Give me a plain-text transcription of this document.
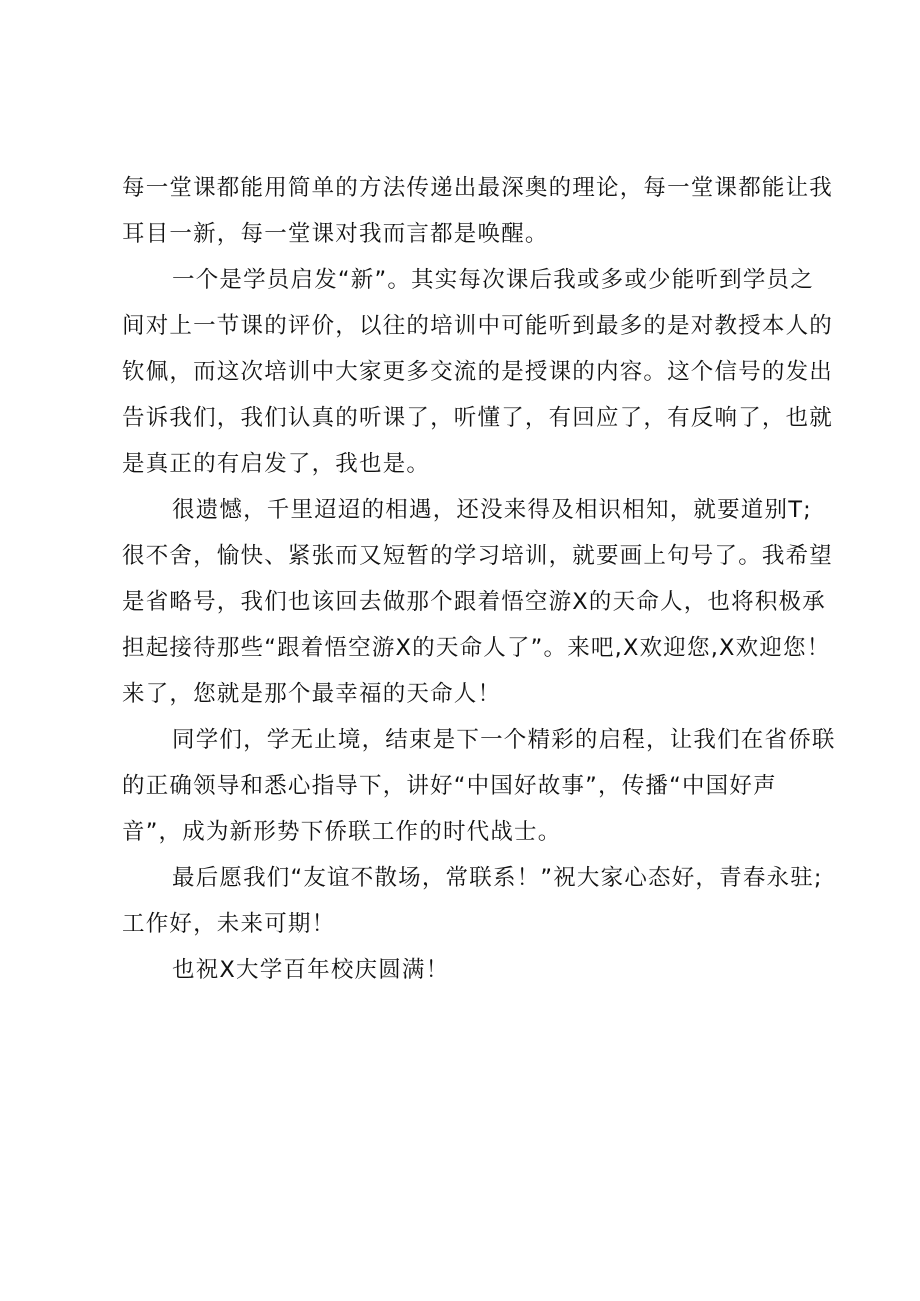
每一堂课都能用简单的方法传递出最深奥的理论，每一堂课都能让我
耳目一新，每一堂课对我而言都是唤醒。
一个是学员启发“新”。其实每次课后我或多或少能听到学员之
间对上一节课的评价，以往的培训中可能听到最多的是对教授本人的
钦佩，而这次培训中大家更多交流的是授课的内容。这个信号的发出
告诉我们，我们认真的听课了，听懂了，有回应了，有反响了，也就
是真正的有启发了，我也是。
很遗憾，千里迢迢的相遇，还没来得及相识相知，就要道别T;
很不舍，愉快、紧张而又短暂的学习培训，就要画上句号了。我希望
是省略号，我们也该回去做那个跟着悟空游X的天命人，也将积极承
担起接待那些“跟着悟空游X的天命人了”。来吧,X欢迎您,X欢迎您！
来了，您就是那个最幸福的天命人！
同学们，学无止境，结束是下一个精彩的启程，让我们在省侨联
的正确领导和悉心指导下，讲好“中国好故事”，传播“中国好声
音”，成为新形势下侨联工作的时代战士。
最后愿我们“友谊不散场，常联系！”祝大家心态好，青春永驻;
工作好，未来可期！
也祝X大学百年校庆圆满！
